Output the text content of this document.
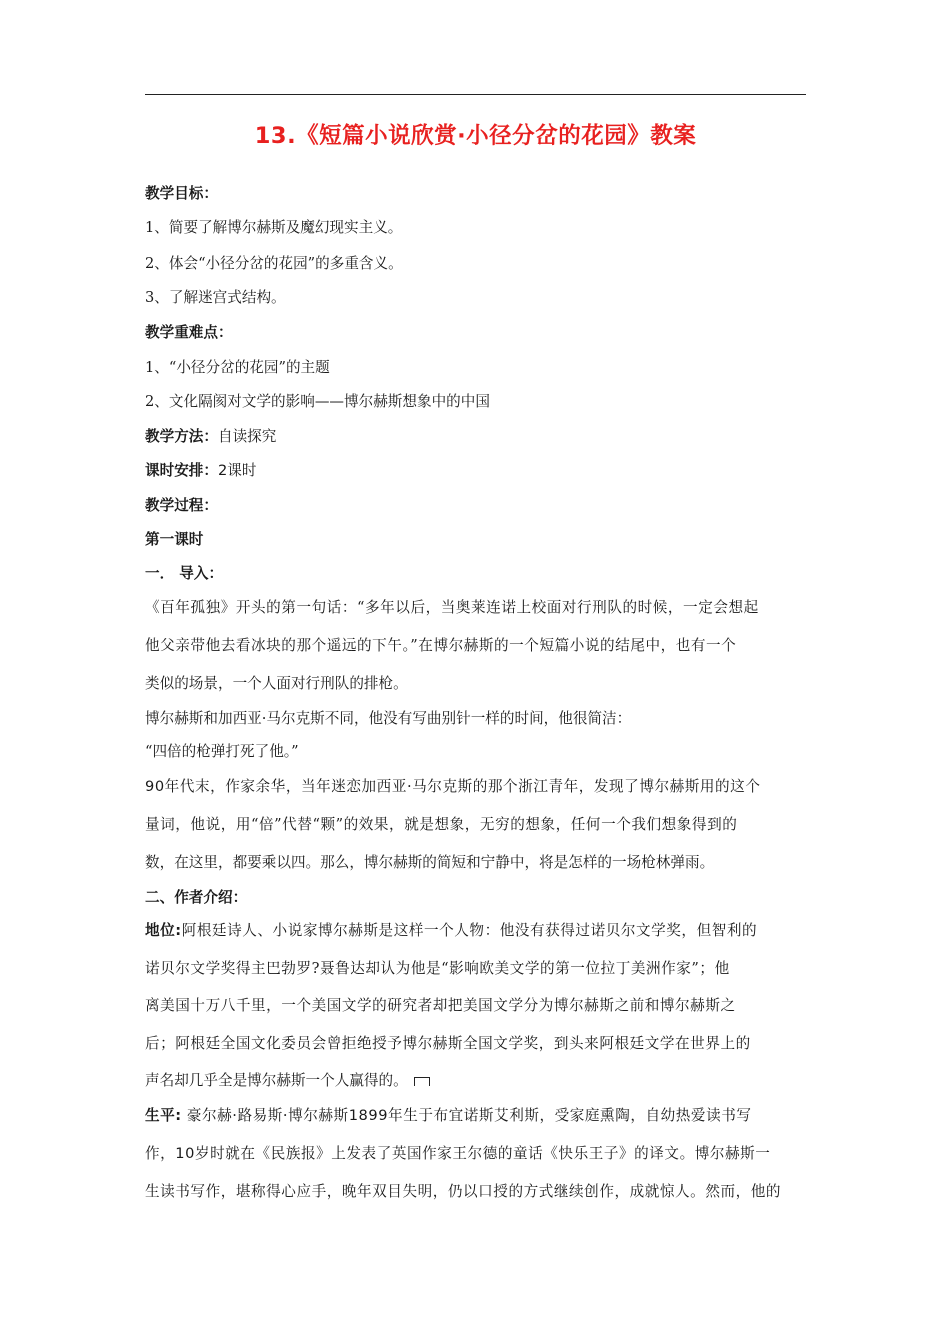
13.《短篇小说欣赏·小径分岔的花园》教案
教学目标：
1、简要了解博尔赫斯及魔幻现实主义。
2、体会“小径分岔的花园”的多重含义。
3、了解迷宫式结构。
教学重难点：
1、“小径分岔的花园”的主题
2、文化隔阂对文学的影响——博尔赫斯想象中的中国
教学方法：自读探究
课时安排：2课时
教学过程：
第一课时
一． 导入：
《百年孤独》开头的第一句话：“多年以后，当奥莱连诺上校面对行刑队的时候，一定会想起
他父亲带他去看冰块的那个遥远的下午。”在博尔赫斯的一个短篇小说的结尾中，也有一个
类似的场景，一个人面对行刑队的排枪。
博尔赫斯和加西亚·马尔克斯不同，他没有写曲别针一样的时间，他很简洁：
“四倍的枪弹打死了他。”
90年代末，作家余华，当年迷恋加西亚·马尔克斯的那个浙江青年，发现了博尔赫斯用的这个
量词，他说，用“倍”代替“颗”的效果，就是想象，无穷的想象，任何一个我们想象得到的
数，在这里，都要乘以四。那么，博尔赫斯的简短和宁静中，将是怎样的一场枪林弹雨。
二、作者介绍：
地位:阿根廷诗人、小说家博尔赫斯是这样一个人物：他没有获得过诺贝尔文学奖，但智利的
诺贝尔文学奖得主巴勃罗?聂鲁达却认为他是“影响欧美文学的第一位拉丁美洲作家”；他
离美国十万八千里，一个美国文学的研究者却把美国文学分为博尔赫斯之前和博尔赫斯之
后；阿根廷全国文化委员会曾拒绝授予博尔赫斯全国文学奖，到头来阿根廷文学在世界上的
声名却几乎全是博尔赫斯一个人赢得的。
生平: 豪尔赫·路易斯·博尔赫斯1899年生于布宜诺斯艾利斯，受家庭熏陶，自幼热爱读书写
作，10岁时就在《民族报》上发表了英国作家王尔德的童话《快乐王子》的译文。博尔赫斯一
生读书写作，堪称得心应手，晚年双目失明，仍以口授的方式继续创作，成就惊人。然而，他的
